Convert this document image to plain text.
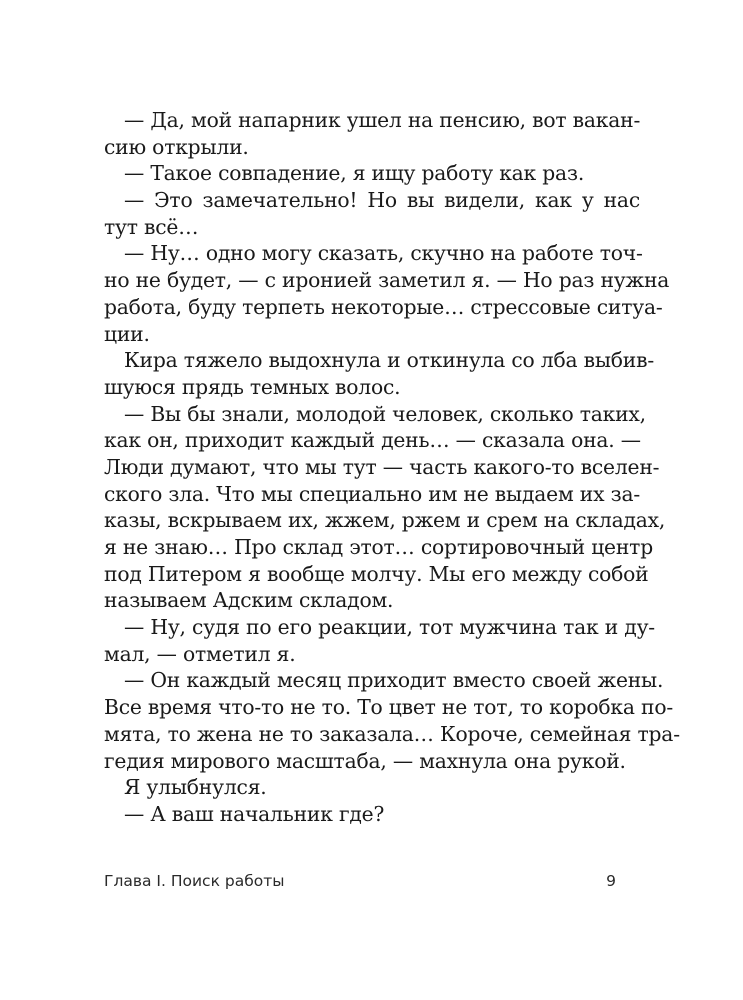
— Да, мой напарник ушел на пенсию, вот вакан-
сию открыли.
— Такое совпадение, я ищу работу как раз.
— Это замечательно! Но вы видели, как у нас
тут всё…
— Ну… одно могу сказать, скучно на работе точ-
но не будет, — с иронией заметил я. — Но раз нужна
работа, буду терпеть некоторые… стрессовые ситуа-
ции.
Кира тяжело выдохнула и откинула со лба выбив-
шуюся прядь темных волос.
— Вы бы знали, молодой человек, сколько таких,
как он, приходит каждый день… — сказала она. —
Люди думают, что мы тут — часть какого-то вселен-
ского зла. Что мы специально им не выдаем их за-
казы, вскрываем их, жжем, ржем и срем на складах,
я не знаю… Про склад этот… сортировочный центр
под Питером я вообще молчу. Мы его между собой
называем Адским складом.
— Ну, судя по его реакции, тот мужчина так и ду-
мал, — отметил я.
— Он каждый месяц приходит вместо своей жены.
Все время что-то не то. То цвет не тот, то коробка по-
мята, то жена не то заказала… Короче, семейная тра-
гедия мирового масштаба, — махнула она рукой.
Я улыбнулся.
— А ваш начальник где?
Глава I. Поиск работы	9
